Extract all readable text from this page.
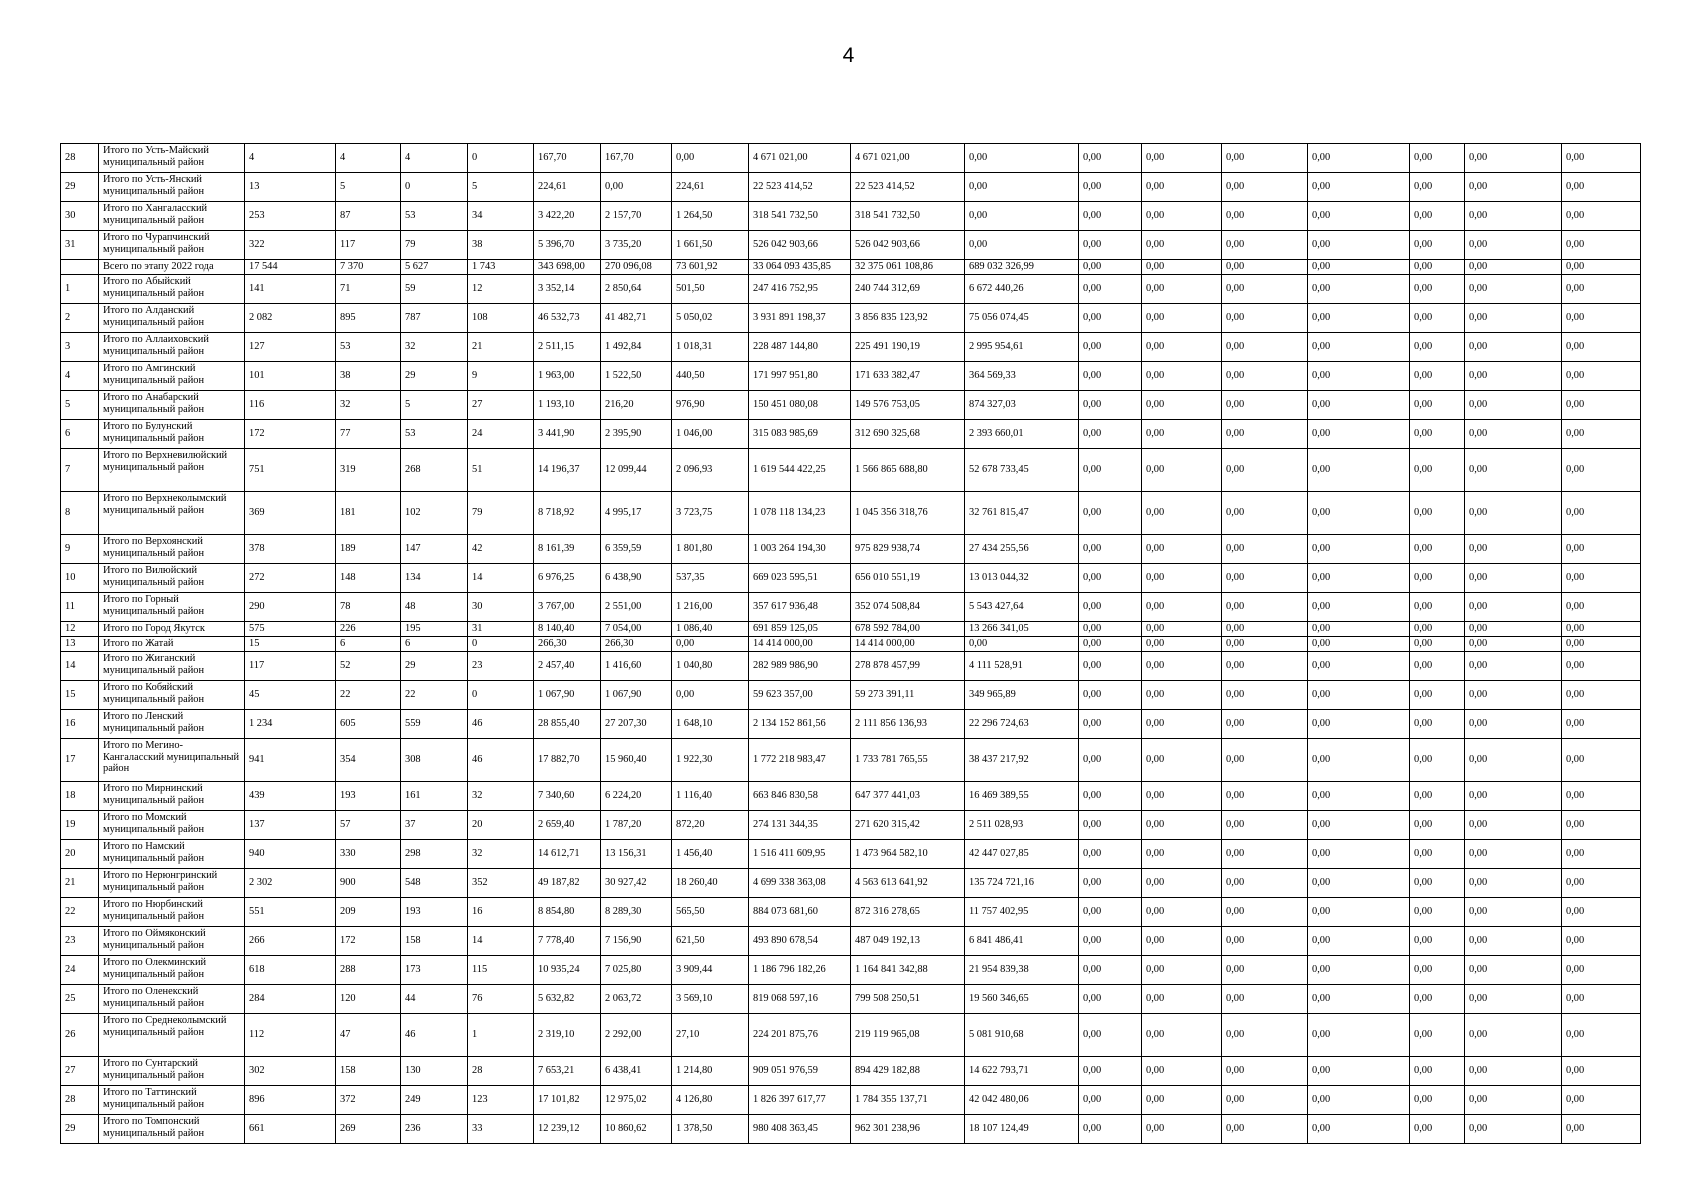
4
28	Итого по Усть-Майский муниципальный район	4	4	4	0	167,70	167,70	0,00	4 671 021,00	4 671 021,00	0,00	0,00	0,00	0,00	0,00	0,00	0,00	0,00
29	Итого по Усть-Янский муниципальный район	13	5	0	5	224,61	0,00	224,61	22 523 414,52	22 523 414,52	0,00	0,00	0,00	0,00	0,00	0,00	0,00	0,00
30	Итого по Хангаласский муниципальный район	253	87	53	34	3 422,20	2 157,70	1 264,50	318 541 732,50	318 541 732,50	0,00	0,00	0,00	0,00	0,00	0,00	0,00	0,00
31	Итого по Чурапчинский муниципальный район	322	117	79	38	5 396,70	3 735,20	1 661,50	526 042 903,66	526 042 903,66	0,00	0,00	0,00	0,00	0,00	0,00	0,00	0,00
	Всего по этапу 2022 года	17 544	7 370	5 627	1 743	343 698,00	270 096,08	73 601,92	33 064 093 435,85	32 375 061 108,86	689 032 326,99	0,00	0,00	0,00	0,00	0,00	0,00	0,00
1	Итого по Абыйский муниципальный район	141	71	59	12	3 352,14	2 850,64	501,50	247 416 752,95	240 744 312,69	6 672 440,26	0,00	0,00	0,00	0,00	0,00	0,00	0,00
2	Итого по Алданский муниципальный район	2 082	895	787	108	46 532,73	41 482,71	5 050,02	3 931 891 198,37	3 856 835 123,92	75 056 074,45	0,00	0,00	0,00	0,00	0,00	0,00	0,00
3	Итого по Аллаиховский муниципальный район	127	53	32	21	2 511,15	1 492,84	1 018,31	228 487 144,80	225 491 190,19	2 995 954,61	0,00	0,00	0,00	0,00	0,00	0,00	0,00
4	Итого по Амгинский муниципальный район	101	38	29	9	1 963,00	1 522,50	440,50	171 997 951,80	171 633 382,47	364 569,33	0,00	0,00	0,00	0,00	0,00	0,00	0,00
5	Итого по Анабарский муниципальный район	116	32	5	27	1 193,10	216,20	976,90	150 451 080,08	149 576 753,05	874 327,03	0,00	0,00	0,00	0,00	0,00	0,00	0,00
6	Итого по Булунский муниципальный район	172	77	53	24	3 441,90	2 395,90	1 046,00	315 083 985,69	312 690 325,68	2 393 660,01	0,00	0,00	0,00	0,00	0,00	0,00	0,00
7	Итого по Верхневилюйский муниципальный район	751	319	268	51	14 196,37	12 099,44	2 096,93	1 619 544 422,25	1 566 865 688,80	52 678 733,45	0,00	0,00	0,00	0,00	0,00	0,00	0,00
8	Итого по Верхнеколымский муниципальный район	369	181	102	79	8 718,92	4 995,17	3 723,75	1 078 118 134,23	1 045 356 318,76	32 761 815,47	0,00	0,00	0,00	0,00	0,00	0,00	0,00
9	Итого по Верхоянский муниципальный район	378	189	147	42	8 161,39	6 359,59	1 801,80	1 003 264 194,30	975 829 938,74	27 434 255,56	0,00	0,00	0,00	0,00	0,00	0,00	0,00
10	Итого по Вилюйский муниципальный район	272	148	134	14	6 976,25	6 438,90	537,35	669 023 595,51	656 010 551,19	13 013 044,32	0,00	0,00	0,00	0,00	0,00	0,00	0,00
11	Итого по Горный муниципальный район	290	78	48	30	3 767,00	2 551,00	1 216,00	357 617 936,48	352 074 508,84	5 543 427,64	0,00	0,00	0,00	0,00	0,00	0,00	0,00
12	Итого по Город Якутск	575	226	195	31	8 140,40	7 054,00	1 086,40	691 859 125,05	678 592 784,00	13 266 341,05	0,00	0,00	0,00	0,00	0,00	0,00	0,00
13	Итого по Жатай	15	6	6	0	266,30	266,30	0,00	14 414 000,00	14 414 000,00	0,00	0,00	0,00	0,00	0,00	0,00	0,00	0,00
14	Итого по Жиганский муниципальный район	117	52	29	23	2 457,40	1 416,60	1 040,80	282 989 986,90	278 878 457,99	4 111 528,91	0,00	0,00	0,00	0,00	0,00	0,00	0,00
15	Итого по Кобяйский муниципальный район	45	22	22	0	1 067,90	1 067,90	0,00	59 623 357,00	59 273 391,11	349 965,89	0,00	0,00	0,00	0,00	0,00	0,00	0,00
16	Итого по Ленский муниципальный район	1 234	605	559	46	28 855,40	27 207,30	1 648,10	2 134 152 861,56	2 111 856 136,93	22 296 724,63	0,00	0,00	0,00	0,00	0,00	0,00	0,00
17	Итого по Мегино-Кангаласский муниципальный район	941	354	308	46	17 882,70	15 960,40	1 922,30	1 772 218 983,47	1 733 781 765,55	38 437 217,92	0,00	0,00	0,00	0,00	0,00	0,00	0,00
18	Итого по Мирнинский муниципальный район	439	193	161	32	7 340,60	6 224,20	1 116,40	663 846 830,58	647 377 441,03	16 469 389,55	0,00	0,00	0,00	0,00	0,00	0,00	0,00
19	Итого по Момский муниципальный район	137	57	37	20	2 659,40	1 787,20	872,20	274 131 344,35	271 620 315,42	2 511 028,93	0,00	0,00	0,00	0,00	0,00	0,00	0,00
20	Итого по Намский муниципальный район	940	330	298	32	14 612,71	13 156,31	1 456,40	1 516 411 609,95	1 473 964 582,10	42 447 027,85	0,00	0,00	0,00	0,00	0,00	0,00	0,00
21	Итого по Нерюнгринский муниципальный район	2 302	900	548	352	49 187,82	30 927,42	18 260,40	4 699 338 363,08	4 563 613 641,92	135 724 721,16	0,00	0,00	0,00	0,00	0,00	0,00	0,00
22	Итого по Нюрбинский муниципальный район	551	209	193	16	8 854,80	8 289,30	565,50	884 073 681,60	872 316 278,65	11 757 402,95	0,00	0,00	0,00	0,00	0,00	0,00	0,00
23	Итого по Оймяконский муниципальный район	266	172	158	14	7 778,40	7 156,90	621,50	493 890 678,54	487 049 192,13	6 841 486,41	0,00	0,00	0,00	0,00	0,00	0,00	0,00
24	Итого по Олекминский муниципальный район	618	288	173	115	10 935,24	7 025,80	3 909,44	1 186 796 182,26	1 164 841 342,88	21 954 839,38	0,00	0,00	0,00	0,00	0,00	0,00	0,00
25	Итого по Оленекский муниципальный район	284	120	44	76	5 632,82	2 063,72	3 569,10	819 068 597,16	799 508 250,51	19 560 346,65	0,00	0,00	0,00	0,00	0,00	0,00	0,00
26	Итого по Среднеколымский муниципальный район	112	47	46	1	2 319,10	2 292,00	27,10	224 201 875,76	219 119 965,08	5 081 910,68	0,00	0,00	0,00	0,00	0,00	0,00	0,00
27	Итого по Сунтарский муниципальный район	302	158	130	28	7 653,21	6 438,41	1 214,80	909 051 976,59	894 429 182,88	14 622 793,71	0,00	0,00	0,00	0,00	0,00	0,00	0,00
28	Итого по Таттинский муниципальный район	896	372	249	123	17 101,82	12 975,02	4 126,80	1 826 397 617,77	1 784 355 137,71	42 042 480,06	0,00	0,00	0,00	0,00	0,00	0,00	0,00
29	Итого по Томпонский муниципальный район	661	269	236	33	12 239,12	10 860,62	1 378,50	980 408 363,45	962 301 238,96	18 107 124,49	0,00	0,00	0,00	0,00	0,00	0,00	0,00
